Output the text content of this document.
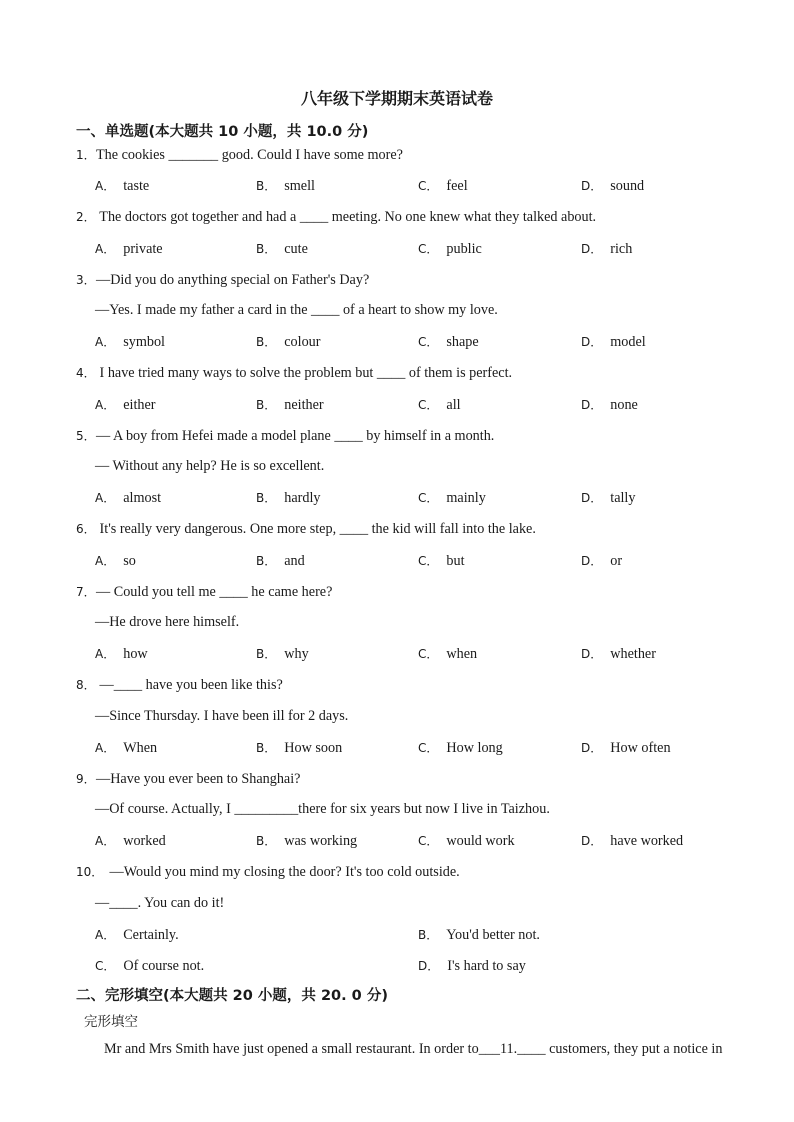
八年级下学期期末英语试卷
一、单选题(本大题共 10 小题，共 10.0 分)
1．The cookies _______ good. Could I have some more?
A． taste	B． smell	C． feel	D． sound
2． The doctors got together and had a ____ meeting. No one knew what they talked about.
A． private	B． cute	C． public	D． rich
3．—Did you do anything special on Father's Day?
—Yes. I made my father a card in the ____ of a heart to show my love.
A． symbol	B． colour	C． shape	D． model
4． I have tried many ways to solve the problem but ____ of them is perfect.
A． either	B． neither	C． all	D． none
5．— A boy from Hefei made a model plane ____ by himself in a month.
— Without any help? He is so excellent.
A． almost	B． hardly	C． mainly	D． tally
6． It's really very dangerous. One more step, ____ the kid will fall into the lake.
A． so	B． and	C． but	D． or
7．— Could you tell me ____ he came here?
—He drove here himself.
A． how	B． why	C． when	D． whether
8． —____ have you been like this?
—Since Thursday. I have been ill for 2 days.
A． When	B． How soon	C． How long	D． How often
9．—Have you ever been to Shanghai?
—Of course. Actually, I _________there for six years but now I live in Taizhou.
A． worked	B． was working	C． would work	D． have worked
10． —Would you mind my closing the door? It's too cold outside.
—____. You can do it!
A． Certainly.	B． You'd better not.
C． Of course not.	D． I's hard to say
二、完形填空(本大题共 20 小题，共 20. 0 分)
完形填空
Mr and Mrs Smith have just opened a small restaurant. In order to___11.____ customers, they put a notice in
